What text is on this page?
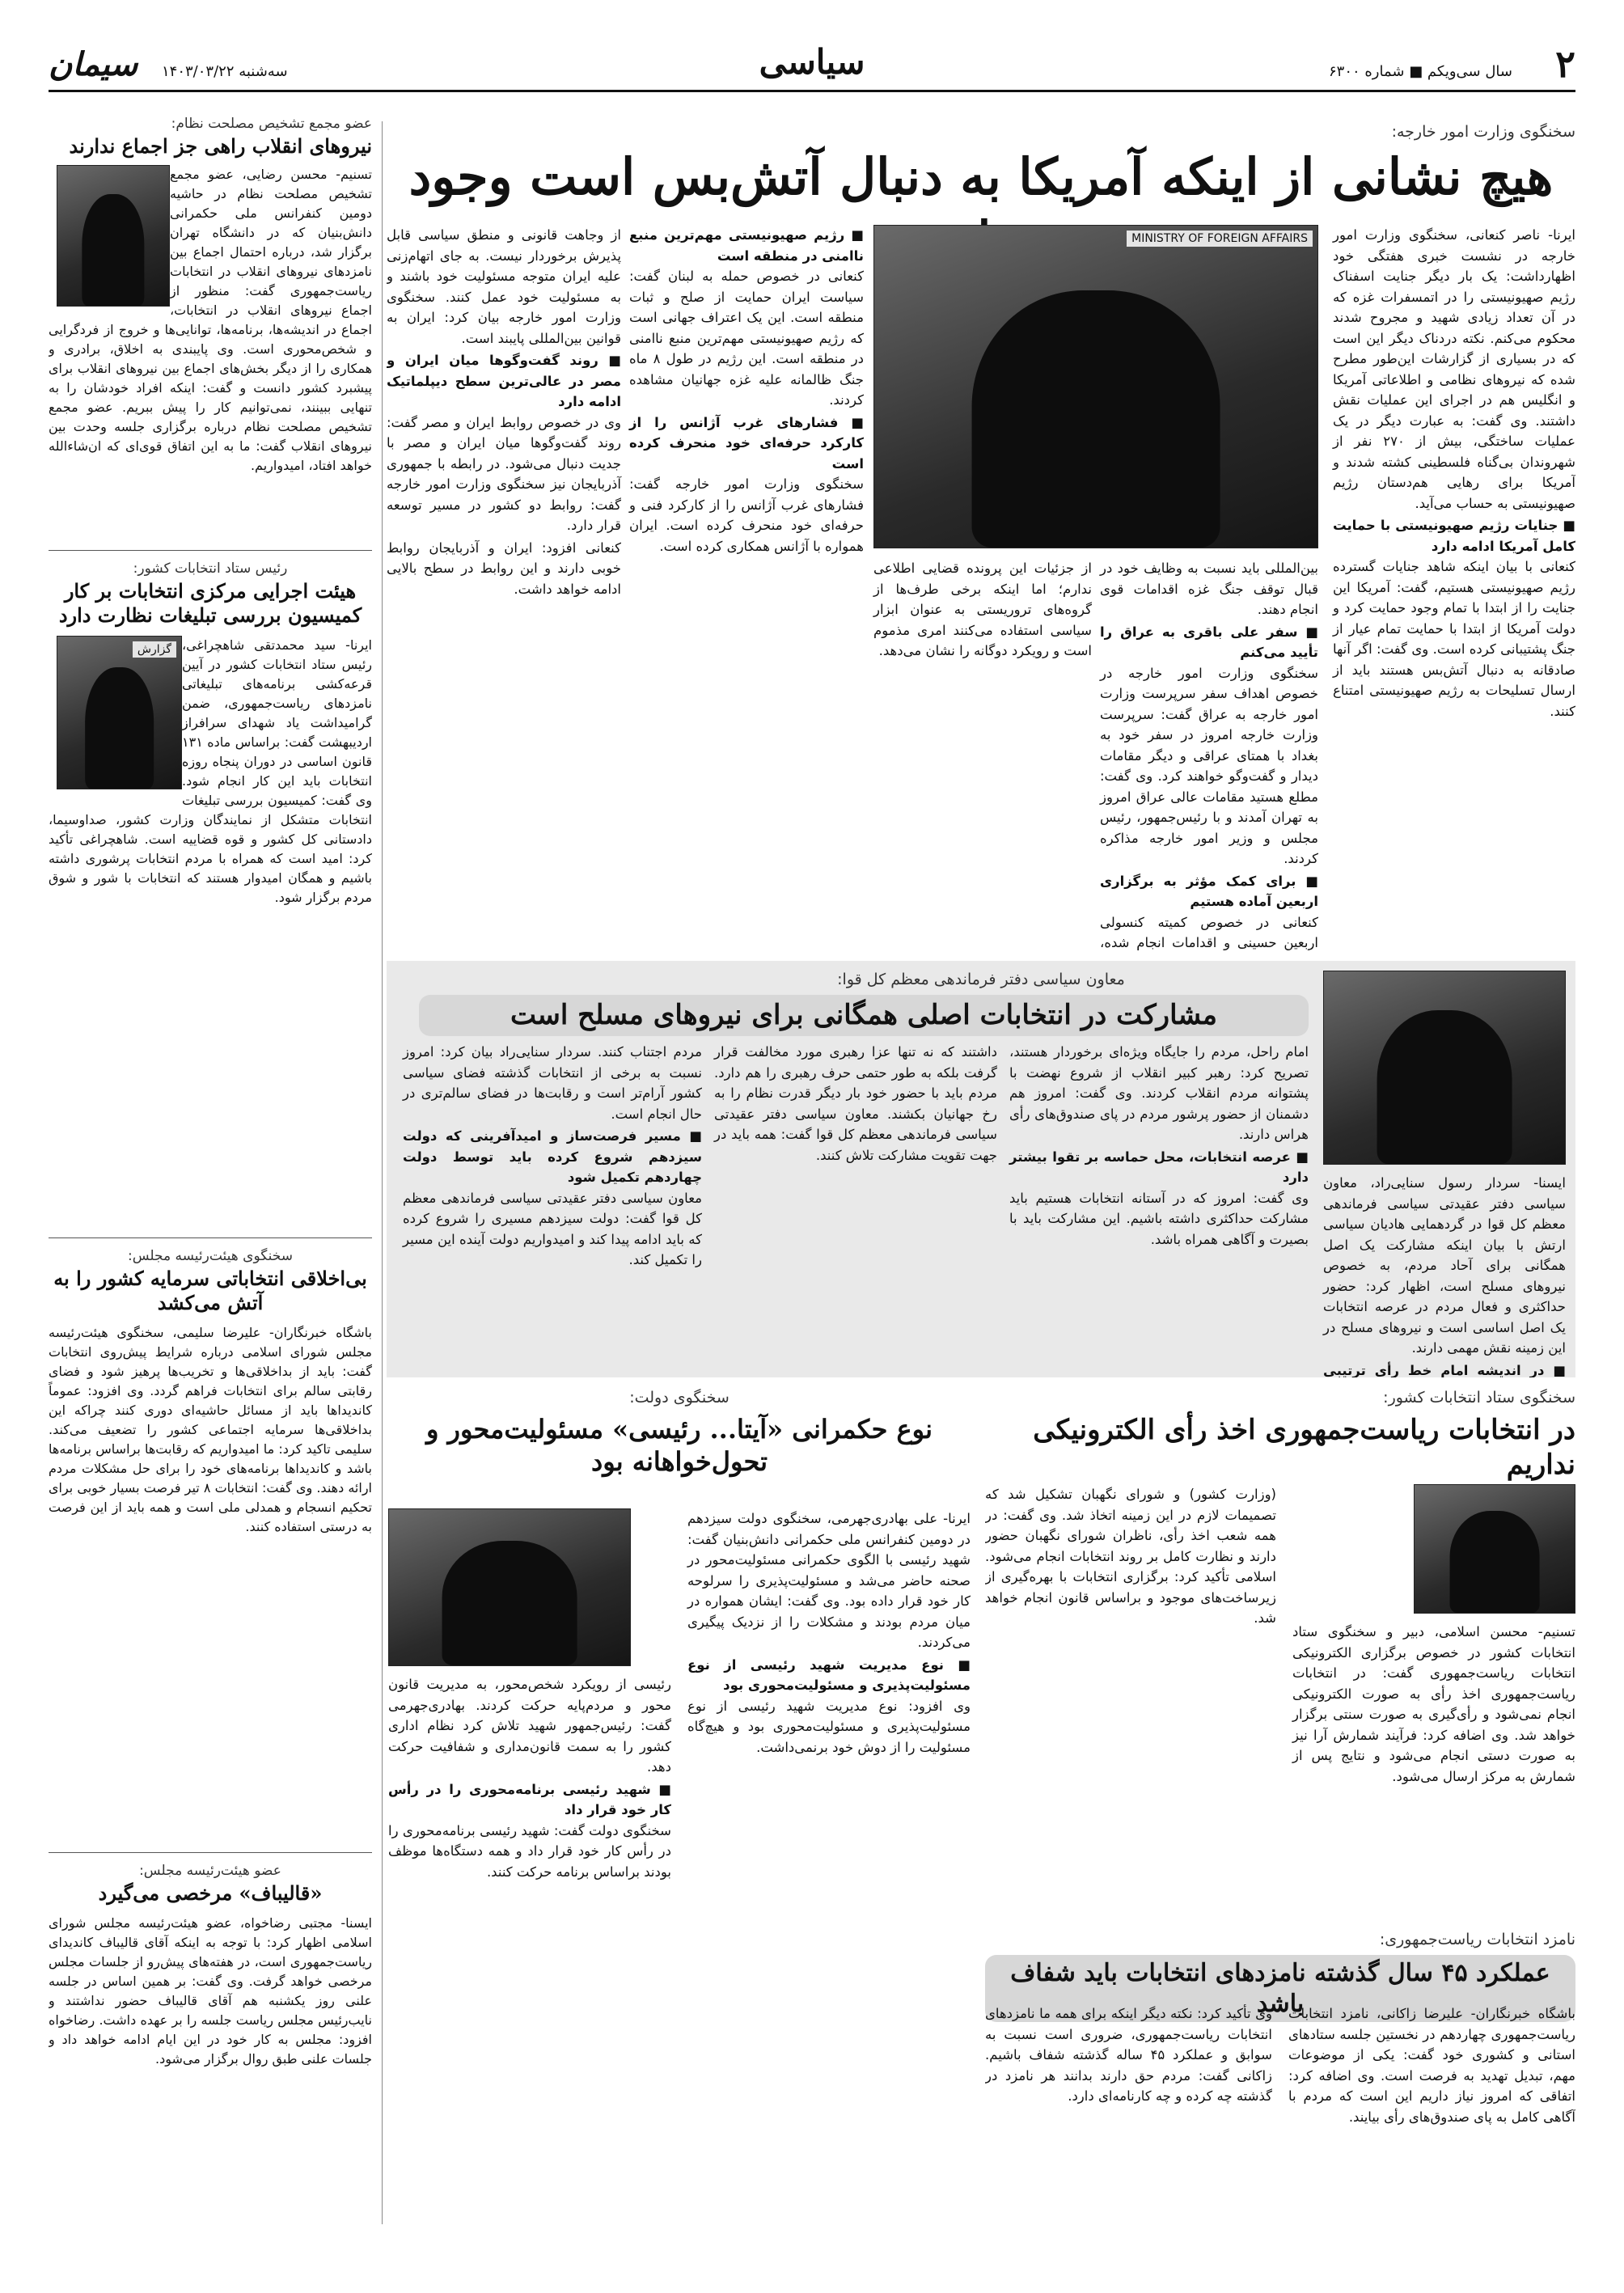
۲
سال سی‌ویکم ■ شماره ۶۳۰۰
سیاسی
سه‌شنبه ۱۴۰۳/۰۳/۲۲
سیمان
سخنگوی وزارت امور خارجه:
هیچ نشانی از اینکه آمریکا به دنبال آتش‌بس است وجود

ایرنا- ناصر کنعانی، سخنگوی وزارت امور خارجه در نشست خبری هفتگی خود اظهارداشت: یک بار دیگر جنایت اسفناک رژیم صهیونیستی را در اتمسفرات غزه که در آن تعداد زیادی شهید و مجروح شدند محکوم می‌کنم. نکته دردناک دیگر این است که در بسیاری از گزارشات این‌طور مطرح شده که نیروهای نظامی و اطلاعاتی آمریکا و انگلیس هم در اجرای این عملیات نقش داشتند. وی گفت: به عبارت دیگر در یک عملیات ساختگی، بیش از ۲۷۰ نفر از شهروندان بی‌گناه فلسطینی کشته شدند و آمریکا برای رهایی هم‌دستان رژیم صهیونیستی به حساب می‌آید.

■ جنایات رژیم صهیونیستی با حمایت کامل آمریکا ادامه دارد

کنعانی با بیان اینکه شاهد جنایات گسترده رژیم صهیونیستی هستیم، گفت: آمریکا این جنایت را از ابتدا با تمام وجود حمایت کرد و دولت آمریکا از ابتدا با حمایت تمام عیار از جنگ پشتیبانی کرده است. وی گفت: اگر آنها صادقانه به دنبال آتش‌بس هستند باید از ارسال تسلیحات به رژیم صهیونیستی امتناع کنند.

MINISTRY OF FOREIGN AFFAIRS

بین‌المللی باید نسبت به وظایف خود در قبال توقف جنگ غزه اقدامات قوی انجام دهند.

■ سفر علی باقری به عراق را تأیید می‌کنم

سخنگوی وزارت امور خارجه در خصوص اهداف سفر سرپرست وزارت امور خارجه به عراق گفت: سرپرست وزارت خارجه امروز در سفر خود به بغداد با همتای عراقی و دیگر مقامات دیدار و گفت‌وگو خواهند کرد. وی گفت: مطلع هستید مقامات عالی عراق امروز به تهران آمدند و با رئیس‌جمهور، رئیس مجلس و وزیر امور خارجه مذاکره کردند.

■ برای کمک مؤثر به برگزاری اربعین آماده هستیم

کنعانی در خصوص کمیته کنسولی اربعین حسینی و اقدامات انجام شده،

از جزئیات این پرونده قضایی اطلاعی ندارم؛ اما اینکه برخی طرف‌ها از گروه‌های تروریستی به عنوان ابزار سیاسی استفاده می‌کنند امری مذموم است و رویکرد دوگانه را نشان می‌دهد.

■ رژیم صهیونیستی مهم‌ترین منبع ناامنی در منطقه است

کنعانی در خصوص حمله به لبنان گفت: سیاست ایران حمایت از صلح و ثبات منطقه است. این یک اعتراف جهانی است که رژیم صهیونیستی مهم‌ترین منبع ناامنی در منطقه است. این رژیم در طول ۸ ماه جنگ ظالمانه علیه غزه جهانیان مشاهده کردند.

■ فشارهای غرب آژانس را از کارکرد حرفه‌ای خود منحرف کرده است

سخنگوی وزارت امور خارجه گفت: فشارهای غرب آژانس را از کارکرد فنی و حرفه‌ای خود منحرف کرده است. ایران همواره با آژانس همکاری کرده است.

از وجاهت قانونی و منطق سیاسی قابل پذیرش برخوردار نیست. به جای اتهام‌زنی علیه ایران متوجه مسئولیت خود باشند و به مسئولیت خود عمل کنند. سخنگوی وزارت امور خارجه بیان کرد: ایران به قوانین بین‌المللی پایبند است.

■ روند گفت‌وگوها میان ایران و مصر در عالی‌ترین سطح دیپلماتیک ادامه دارد

وی در خصوص روابط ایران و مصر گفت: روند گفت‌وگوها میان ایران و مصر با جدیت دنبال می‌شود. در رابطه با جمهوری آذربایجان نیز سخنگوی وزارت امور خارجه گفت: روابط دو کشور در مسیر توسعه قرار دارد.

کنعانی افزود: ایران و آذربایجان روابط خوبی دارند و این روابط در سطح بالایی ادامه خواهد داشت.

عضو مجمع تشخیص مصلحت نظام:
نیروهای انقلاب راهی جز اجماع ندارند
تسنیم- محسن رضایی، عضو مجمع تشخیص مصلحت نظام در حاشیه دومین کنفرانس ملی حکمرانی دانش‌بنیان که در دانشگاه تهران برگزار شد، درباره احتمال اجماع بین نامزدهای نیروهای انقلاب در انتخابات ریاست‌جمهوری گفت: منظور از اجماع نیروهای انقلاب در انتخابات، اجماع در اندیشه‌ها، برنامه‌ها، توانایی‌ها و خروج از فردگرایی و شخص‌محوری است. وی پایبندی به اخلاق، برادری و همکاری را از دیگر بخش‌های اجماع بین نیروهای انقلاب برای پیشبرد کشور دانست و گفت: اینکه افراد خودشان را به تنهایی ببینند، نمی‌توانیم کار را پیش ببریم. عضو مجمع تشخیص مصلحت نظام درباره برگزاری جلسه وحدت بین نیروهای انقلاب گفت: ما به این اتفاق قوی‌ای که ان‌شاءالله خواهد افتاد، امیدواریم.
رئیس ستاد انتخابات کشور:
هیئت اجرایی مرکزی انتخابات بر کار کمیسیون بررسی تبلیغات نظارت دارد
گزارش ایرنا- سید محمدتقی شاهچراغی، رئیس ستاد انتخابات کشور در آیین قرعه‌کشی برنامه‌های تبلیغاتی نامزدهای ریاست‌جمهوری، ضمن گرامیداشت یاد شهدای سرافراز اردیبهشت گفت: براساس ماده ۱۳۱ قانون اساسی در دوران پنجاه روزه انتخابات باید این کار انجام شود. وی گفت: کمیسیون بررسی تبلیغات انتخابات متشکل از نمایندگان وزارت کشور، صداوسیما، دادستانی کل کشور و قوه قضاییه است. شاهچراغی تأکید کرد: امید است که همراه با مردم انتخابات پرشوری داشته باشیم و همگان امیدوار هستند که انتخابات با شور و شوق مردم برگزار شود.
سخنگوی هیئت‌رئیسه مجلس:
بی‌اخلاقی انتخاباتی سرمایه کشور را به آتش می‌کشد
باشگاه خبرنگاران- علیرضا سلیمی، سخنگوی هیئت‌رئیسه مجلس شورای اسلامی درباره شرایط پیش‌روی انتخابات گفت: باید از بداخلاقی‌ها و تخریب‌ها پرهیز شود و فضای رقابتی سالم برای انتخابات فراهم گردد. وی افزود: عموماً کاندیداها باید از مسائل حاشیه‌ای دوری کنند چراکه این بداخلاقی‌ها سرمایه اجتماعی کشور را تضعیف می‌کند. سلیمی تاکید کرد: ما امیدواریم که رقابت‌ها براساس برنامه‌ها باشد و کاندیداها برنامه‌های خود را برای حل مشکلات مردم ارائه دهند. وی گفت: انتخابات ۸ تیر فرصت بسیار خوبی برای تحکیم انسجام و همدلی ملی است و همه باید از این فرصت به درستی استفاده کنند.
عضو هیئت‌رئیسه مجلس:
«قالیباف» مرخصی می‌گیرد
ایسنا- مجتبی رضاخواه، عضو هیئت‌رئیسه مجلس شورای اسلامی اظهار کرد: با توجه به اینکه آقای قالیباف کاندیدای ریاست‌جمهوری است، در هفته‌های پیش‌رو از جلسات مجلس مرخصی خواهد گرفت. وی گفت: بر همین اساس در جلسه علنی روز یکشنبه هم آقای قالیباف حضور نداشتند و نایب‌رئیس مجلس ریاست جلسه را بر عهده داشت. رضاخواه افزود: مجلس به کار خود در این ایام ادامه خواهد داد و جلسات علنی طبق روال برگزار می‌شود.
معاون سیاسی دفتر فرماندهی معظم کل قوا:
مشارکت در انتخابات اصلی همگانی برای نیروهای مسلح است

ایسنا- سردار رسول سنایی‌راد، معاون سیاسی دفتر عقیدتی سیاسی فرماندهی معظم کل قوا در گردهمایی هادیان سیاسی ارتش با بیان اینکه مشارکت یک اصل همگانی برای آحاد مردم، به خصوص نیروهای مسلح است، اظهار کرد: حضور حداکثری و فعال مردم در عرصه انتخابات یک اصل اساسی است و نیروهای مسلح در این زمینه نقش مهمی دارند.

■ در اندیشه امام خط رأی ترتیبی

امام راحل، مردم را جایگاه ویژه‌ای برخوردار هستند، تصریح کرد: رهبر کبیر انقلاب از شروع نهضت با پشتوانه مردم انقلاب کردند. وی گفت: امروز هم دشمنان از حضور پرشور مردم در پای صندوق‌های رأی هراس دارند.

■ عرصه انتخابات، محل حماسه بر تقوا بیشتر دارد

وی گفت: امروز که در آستانه انتخابات هستیم باید مشارکت حداکثری داشته باشیم. این مشارکت باید با بصیرت و آگاهی همراه باشد.

داشتند که نه تنها عزا رهبری مورد مخالفت قرار گرفت بلکه به طور حتمی حرف رهبری را هم دارد. مردم باید با حضور خود بار دیگر قدرت نظام را به رخ جهانیان بکشند. معاون سیاسی دفتر عقیدتی سیاسی فرماندهی معظم کل قوا گفت: همه باید در جهت تقویت مشارکت تلاش کنند.

مردم اجتناب کنند. سردار سنایی‌راد بیان کرد: امروز نسبت به برخی از انتخابات گذشته فضای سیاسی کشور آرام‌تر است و رقابت‌ها در فضای سالم‌تری در حال انجام است.

■ مسیر فرصت‌ساز و امیدآفرینی که دولت سیزدهم شروع کرده باید توسط دولت چهاردهم تکمیل شود

معاون سیاسی دفتر عقیدتی سیاسی فرماندهی معظم کل قوا گفت: دولت سیزدهم مسیری را شروع کرده که باید ادامه پیدا کند و امیدواریم دولت آینده این مسیر را تکمیل کند.

سخنگوی ستاد انتخابات کشور:
در انتخابات ریاست‌جمهوری اخذ رأی الکترونیکی نداریم
تسنیم- محسن اسلامی، دبیر و سخنگوی ستاد انتخابات کشور در خصوص برگزاری الکترونیکی انتخابات ریاست‌جمهوری گفت: در انتخابات ریاست‌جمهوری اخذ رأی به صورت الکترونیکی انجام نمی‌شود و رأی‌گیری به صورت سنتی برگزار خواهد شد. وی اضافه کرد: فرآیند شمارش آرا نیز به صورت دستی انجام می‌شود و نتایج پس از شمارش به مرکز ارسال می‌شود.
(وزارت کشور) و شورای نگهبان تشکیل شد که تصمیمات لازم در این زمینه اتخاذ شد. وی گفت: در همه شعب اخذ رأی، ناظران شورای نگهبان حضور دارند و نظارت کامل بر روند انتخابات انجام می‌شود. اسلامی تأکید کرد: برگزاری انتخابات با بهره‌گیری از زیرساخت‌های موجود و براساس قانون انجام خواهد شد.
سخنگوی دولت:
نوع حکمرانی «آیتا... رئیسی» مسئولیت‌محور و تحول‌خواهانه بود

ایرنا- علی بهادری‌جهرمی، سخنگوی دولت سیزدهم در دومین کنفرانس ملی حکمرانی دانش‌بنیان گفت: شهید رئیسی با الگوی حکمرانی مسئولیت‌محور در صحنه حاضر می‌شد و مسئولیت‌پذیری را سرلوحه کار خود قرار داده بود. وی گفت: ایشان همواره در میان مردم بودند و مشکلات را از نزدیک پیگیری می‌کردند.

■ نوع مدیریت شهید رئیسی از نوع مسئولیت‌پذیری و مسئولیت‌محوری بود

وی افزود: نوع مدیریت شهید رئیسی از نوع مسئولیت‌پذیری و مسئولیت‌محوری بود و هیچ‌گاه مسئولیت را از دوش خود برنمی‌داشت.

رئیسی از رویکرد شخص‌محور، به مدیریت قانون محور و مردم‌پایه حرکت کردند. بهادری‌جهرمی گفت: رئیس‌جمهور شهید تلاش کرد نظام اداری کشور را به سمت قانون‌مداری و شفافیت حرکت دهد.

■ شهید رئیسی برنامه‌محوری را در رأس کار خود قرار داد

سخنگوی دولت گفت: شهید رئیسی برنامه‌محوری را در رأس کار خود قرار داد و همه دستگاه‌ها موظف بودند براساس برنامه حرکت کنند.

نامزد انتخابات ریاست‌جمهوری:
عملکرد ۴۵ سال گذشته نامزدهای انتخابات باید شفاف باشد
باشگاه خبرنگاران- علیرضا زاکانی، نامزد انتخابات ریاست‌جمهوری چهاردهم در نخستین جلسه ستادهای استانی و کشوری خود گفت: یکی از موضوعات مهم، تبدیل تهدید به فرصت است. وی اضافه کرد: اتفاقی که امروز نیاز داریم این است که مردم با آگاهی کامل به پای صندوق‌های رأی بیایند.
وی تأکید کرد: نکته دیگر اینکه برای همه ما نامزدهای انتخابات ریاست‌جمهوری، ضروری است نسبت به سوابق و عملکرد ۴۵ ساله گذشته شفاف باشیم. زاکانی گفت: مردم حق دارند بدانند هر نامزد در گذشته چه کرده و چه کارنامه‌ای دارد.
